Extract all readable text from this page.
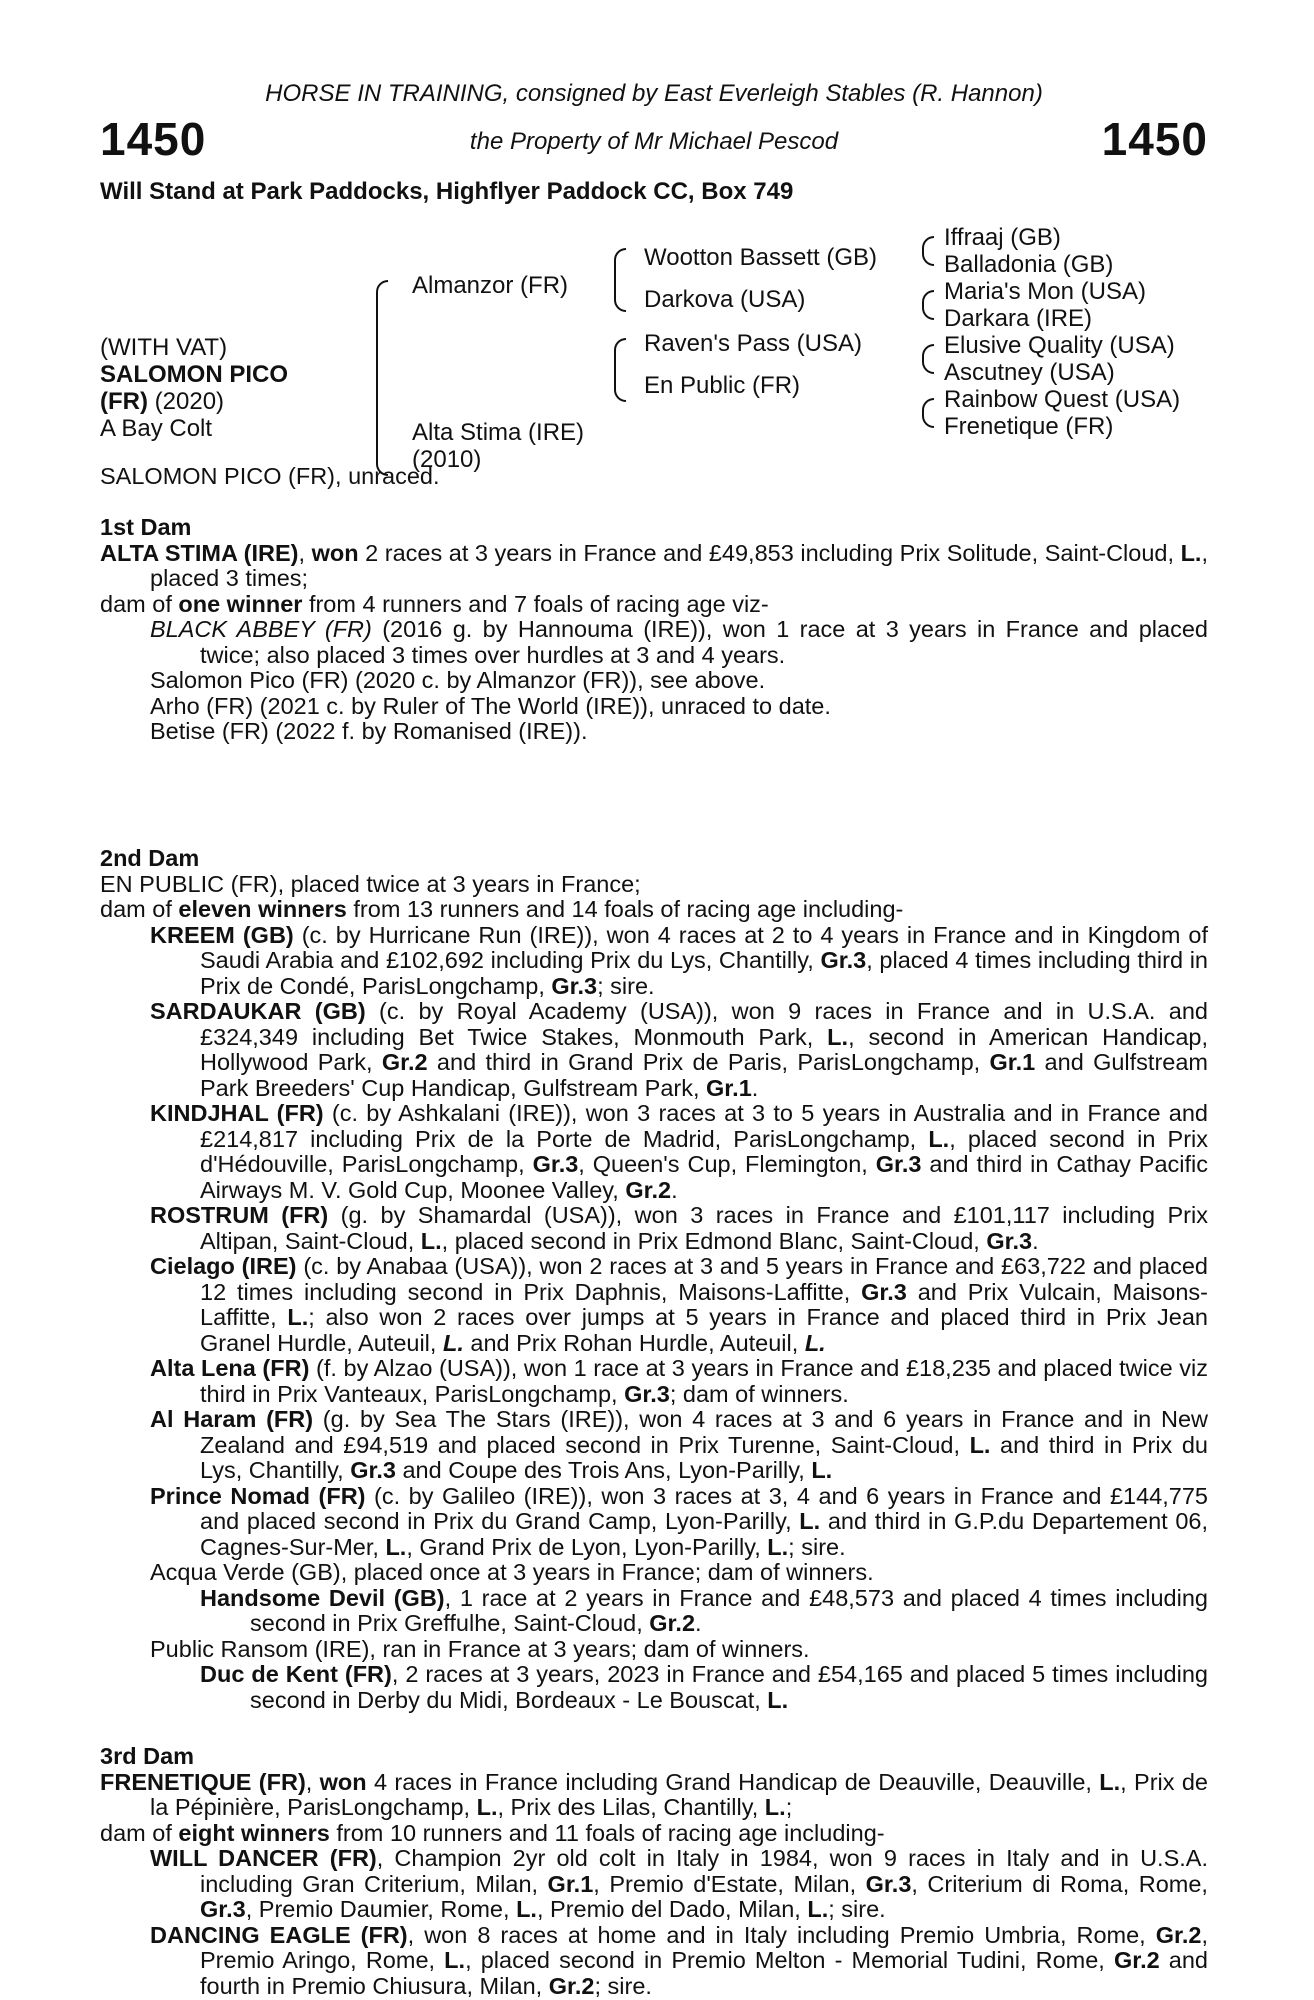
HORSE IN TRAINING, consigned by East Everleigh Stables (R. Hannon)
1450	1450
the Property of Mr Michael Pescod
Will Stand at Park Paddocks, Highflyer Paddock CC, Box 749
(WITH VAT)
SALOMON PICO
(FR) (2020)
A Bay Colt
Almanzor (FR)
Alta Stima (IRE)
(2010)
Wootton Bassett (GB)
Darkova (USA)
Raven's Pass (USA)
En Public (FR)
Iffraaj (GB)
Balladonia (GB)
Maria's Mon (USA)
Darkara (IRE)
Elusive Quality (USA)
Ascutney (USA)
Rainbow Quest (USA)
Frenetique (FR)

SALOMON PICO (FR), unraced.

1st Dam

ALTA STIMA (IRE), won 2 races at 3 years in France and £49,853 including Prix Solitude, Saint-Cloud, L., placed 3 times;

dam of one winner from 4 runners and 7 foals of racing age viz-

BLACK ABBEY (FR) (2016 g. by Hannouma (IRE)), won 1 race at 3 years in France and placed twice; also placed 3 times over hurdles at 3 and 4 years.

Salomon Pico (FR) (2020 c. by Almanzor (FR)), see above.

Arho (FR) (2021 c. by Ruler of The World (IRE)), unraced to date.

Betise (FR) (2022 f. by Romanised (IRE)).

2nd Dam

EN PUBLIC (FR), placed twice at 3 years in France;

dam of eleven winners from 13 runners and 14 foals of racing age including-

KREEM (GB) (c. by Hurricane Run (IRE)), won 4 races at 2 to 4 years in France and in Kingdom of Saudi Arabia and £102,692 including Prix du Lys, Chantilly, Gr.3, placed 4 times including third in Prix de Condé, ParisLongchamp, Gr.3; sire.

SARDAUKAR (GB) (c. by Royal Academy (USA)), won 9 races in France and in U.S.A. and £324,349 including Bet Twice Stakes, Monmouth Park, L., second in American Handicap, Hollywood Park, Gr.2 and third in Grand Prix de Paris, ParisLongchamp, Gr.1 and Gulfstream Park Breeders' Cup Handicap, Gulfstream Park, Gr.1.

KINDJHAL (FR) (c. by Ashkalani (IRE)), won 3 races at 3 to 5 years in Australia and in France and £214,817 including Prix de la Porte de Madrid, ParisLongchamp, L., placed second in Prix d'Hédouville, ParisLongchamp, Gr.3, Queen's Cup, Flemington, Gr.3 and third in Cathay Pacific Airways M. V. Gold Cup, Moonee Valley, Gr.2.

ROSTRUM (FR) (g. by Shamardal (USA)), won 3 races in France and £101,117 including Prix Altipan, Saint-Cloud, L., placed second in Prix Edmond Blanc, Saint-Cloud, Gr.3.

Cielago (IRE) (c. by Anabaa (USA)), won 2 races at 3 and 5 years in France and £63,722 and placed 12 times including second in Prix Daphnis, Maisons-Laffitte, Gr.3 and Prix Vulcain, Maisons-Laffitte, L.; also won 2 races over jumps at 5 years in France and placed third in Prix Jean Granel Hurdle, Auteuil, L. and Prix Rohan Hurdle, Auteuil, L.

Alta Lena (FR) (f. by Alzao (USA)), won 1 race at 3 years in France and £18,235 and placed twice viz third in Prix Vanteaux, ParisLongchamp, Gr.3; dam of winners.

Al Haram (FR) (g. by Sea The Stars (IRE)), won 4 races at 3 and 6 years in France and in New Zealand and £94,519 and placed second in Prix Turenne, Saint-Cloud, L. and third in Prix du Lys, Chantilly, Gr.3 and Coupe des Trois Ans, Lyon-Parilly, L.

Prince Nomad (FR) (c. by Galileo (IRE)), won 3 races at 3, 4 and 6 years in France and £144,775 and placed second in Prix du Grand Camp, Lyon-Parilly, L. and third in G.P.du Departement 06, Cagnes-Sur-Mer, L., Grand Prix de Lyon, Lyon-Parilly, L.; sire.

Acqua Verde (GB), placed once at 3 years in France; dam of winners.

Handsome Devil (GB), 1 race at 2 years in France and £48,573 and placed 4 times including second in Prix Greffulhe, Saint-Cloud, Gr.2.

Public Ransom (IRE), ran in France at 3 years; dam of winners.

Duc de Kent (FR), 2 races at 3 years, 2023 in France and £54,165 and placed 5 times including second in Derby du Midi, Bordeaux - Le Bouscat, L.

3rd Dam

FRENETIQUE (FR), won 4 races in France including Grand Handicap de Deauville, Deauville, L., Prix de la Pépinière, ParisLongchamp, L., Prix des Lilas, Chantilly, L.;

dam of eight winners from 10 runners and 11 foals of racing age including-

WILL DANCER (FR), Champion 2yr old colt in Italy in 1984, won 9 races in Italy and in U.S.A. including Gran Criterium, Milan, Gr.1, Premio d'Estate, Milan, Gr.3, Criterium di Roma, Rome, Gr.3, Premio Daumier, Rome, L., Premio del Dado, Milan, L.; sire.

DANCING EAGLE (FR), won 8 races at home and in Italy including Premio Umbria, Rome, Gr.2, Premio Aringo, Rome, L., placed second in Premio Melton - Memorial Tudini, Rome, Gr.2 and fourth in Premio Chiusura, Milan, Gr.2; sire.
